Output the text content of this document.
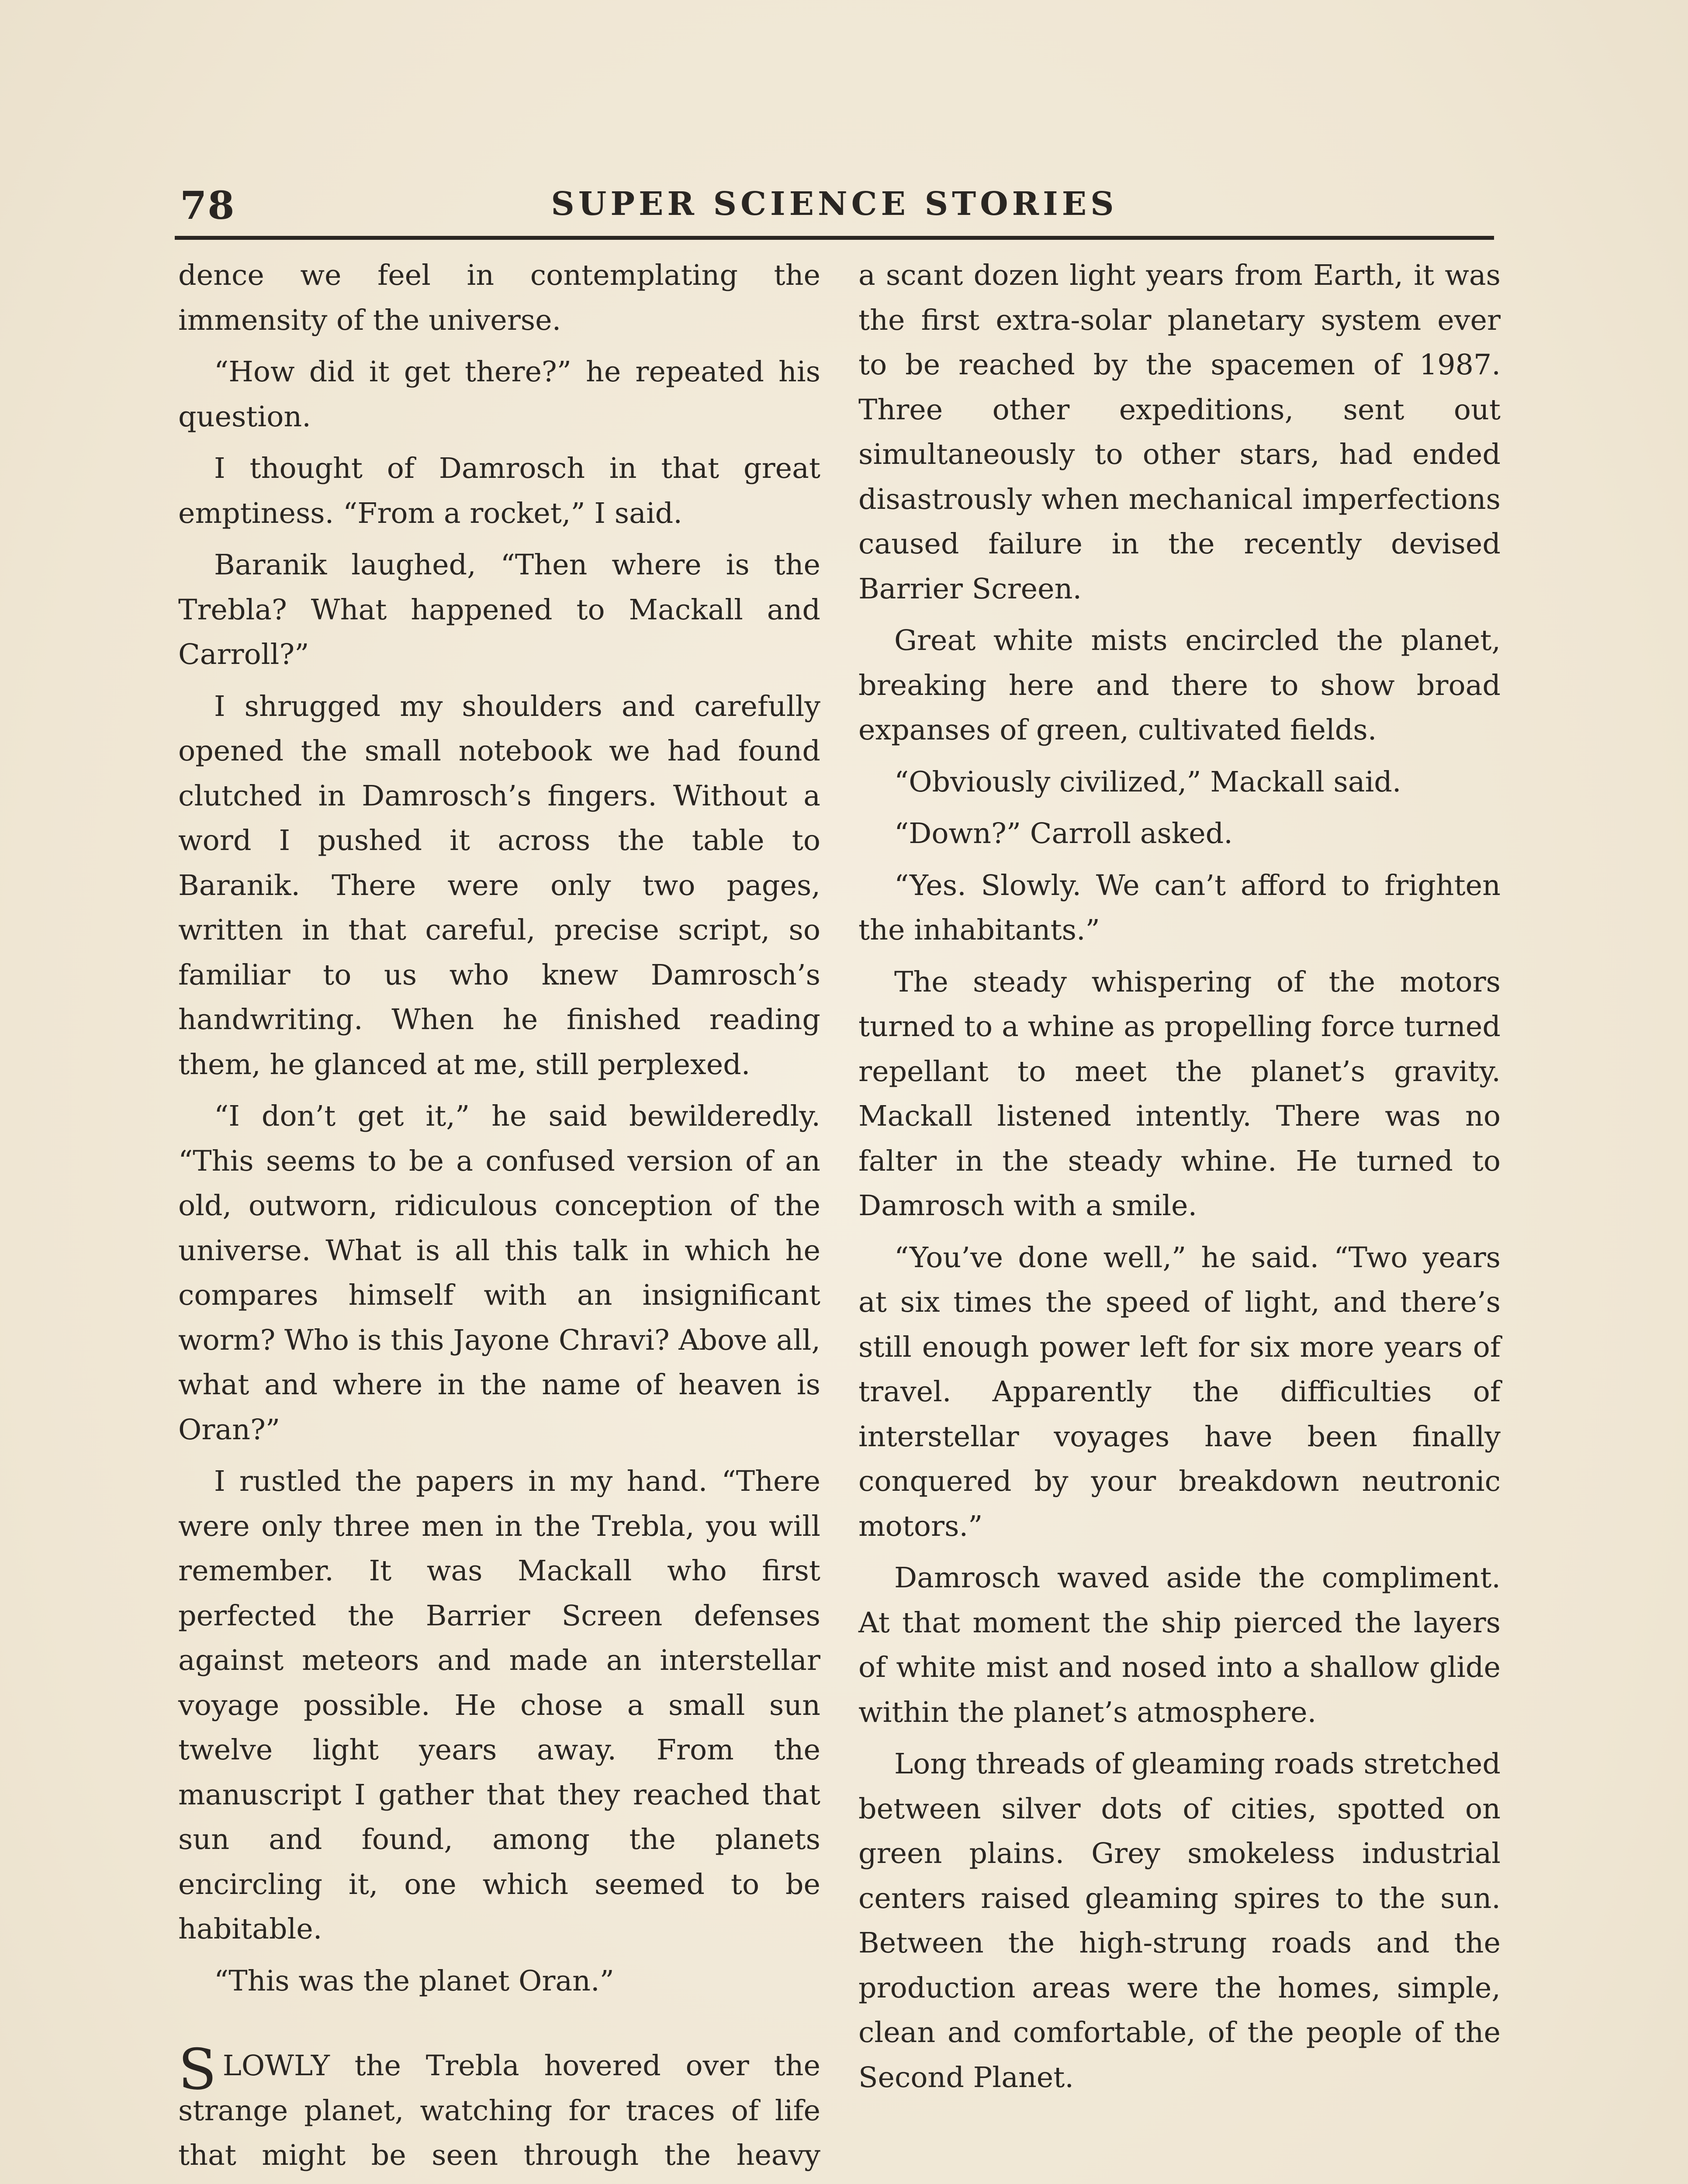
78	SUPER SCIENCE STORIES

dence we feel in contemplating the immensity of the universe.

“How did it get there?” he repeated his question.

I thought of Damrosch in that great emptiness. “From a rocket,” I said.

Baranik laughed, “Then where is the Trebla? What happened to Mackall and Carroll?”

I shrugged my shoulders and carefully opened the small notebook we had found clutched in Damrosch’s fingers. Without a word I pushed it across the table to Baranik. There were only two pages, written in that careful, precise script, so familiar to us who knew Damrosch’s handwriting. When he finished reading them, he glanced at me, still perplexed.

“I don’t get it,” he said bewilderedly. “This seems to be a confused version of an old, outworn, ridiculous conception of the universe. What is all this talk in which he compares himself with an insignificant worm? Who is this Jayone Chravi? Above all, what and where in the name of heaven is Oran?”

I rustled the papers in my hand. “There were only three men in the Trebla, you will remember. It was Mackall who first perfected the Barrier Screen defenses against meteors and made an interstellar voyage possible. He chose a small sun twelve light years away. From the manuscript I gather that they reached that sun and found, among the planets encircling it, one which seemed to be habitable.

“This was the planet Oran.”

SLOWLY the Trebla hovered over the strange planet, watching for traces of life that might be seen through the heavy

a scant dozen light years from Earth, it was the first extra-solar planetary system ever to be reached by the spacemen of 1987. Three other expeditions, sent out simultaneously to other stars, had ended disastrously when mechanical imperfections caused failure in the recently devised Barrier Screen.

Great white mists encircled the planet, breaking here and there to show broad expanses of green, cultivated fields.

“Obviously civilized,” Mackall said.

“Down?” Carroll asked.

“Yes. Slowly. We can’t afford to frighten the inhabitants.”

The steady whispering of the motors turned to a whine as propelling force turned repellant to meet the planet’s gravity. Mackall listened intently. There was no falter in the steady whine. He turned to Damrosch with a smile.

“You’ve done well,” he said. “Two years at six times the speed of light, and there’s still enough power left for six more years of travel. Apparently the difficulties of interstellar voyages have been finally conquered by your breakdown neutronic motors.”

Damrosch waved aside the compliment. At that moment the ship pierced the layers of white mist and nosed into a shallow glide within the planet’s atmosphere.

Long threads of gleaming roads stretched between silver dots of cities, spotted on green plains. Grey smokeless industrial centers raised gleaming spires to the sun. Between the high-strung roads and the production areas were the homes, simple, clean and comfortable, of the people of the Second Planet.
